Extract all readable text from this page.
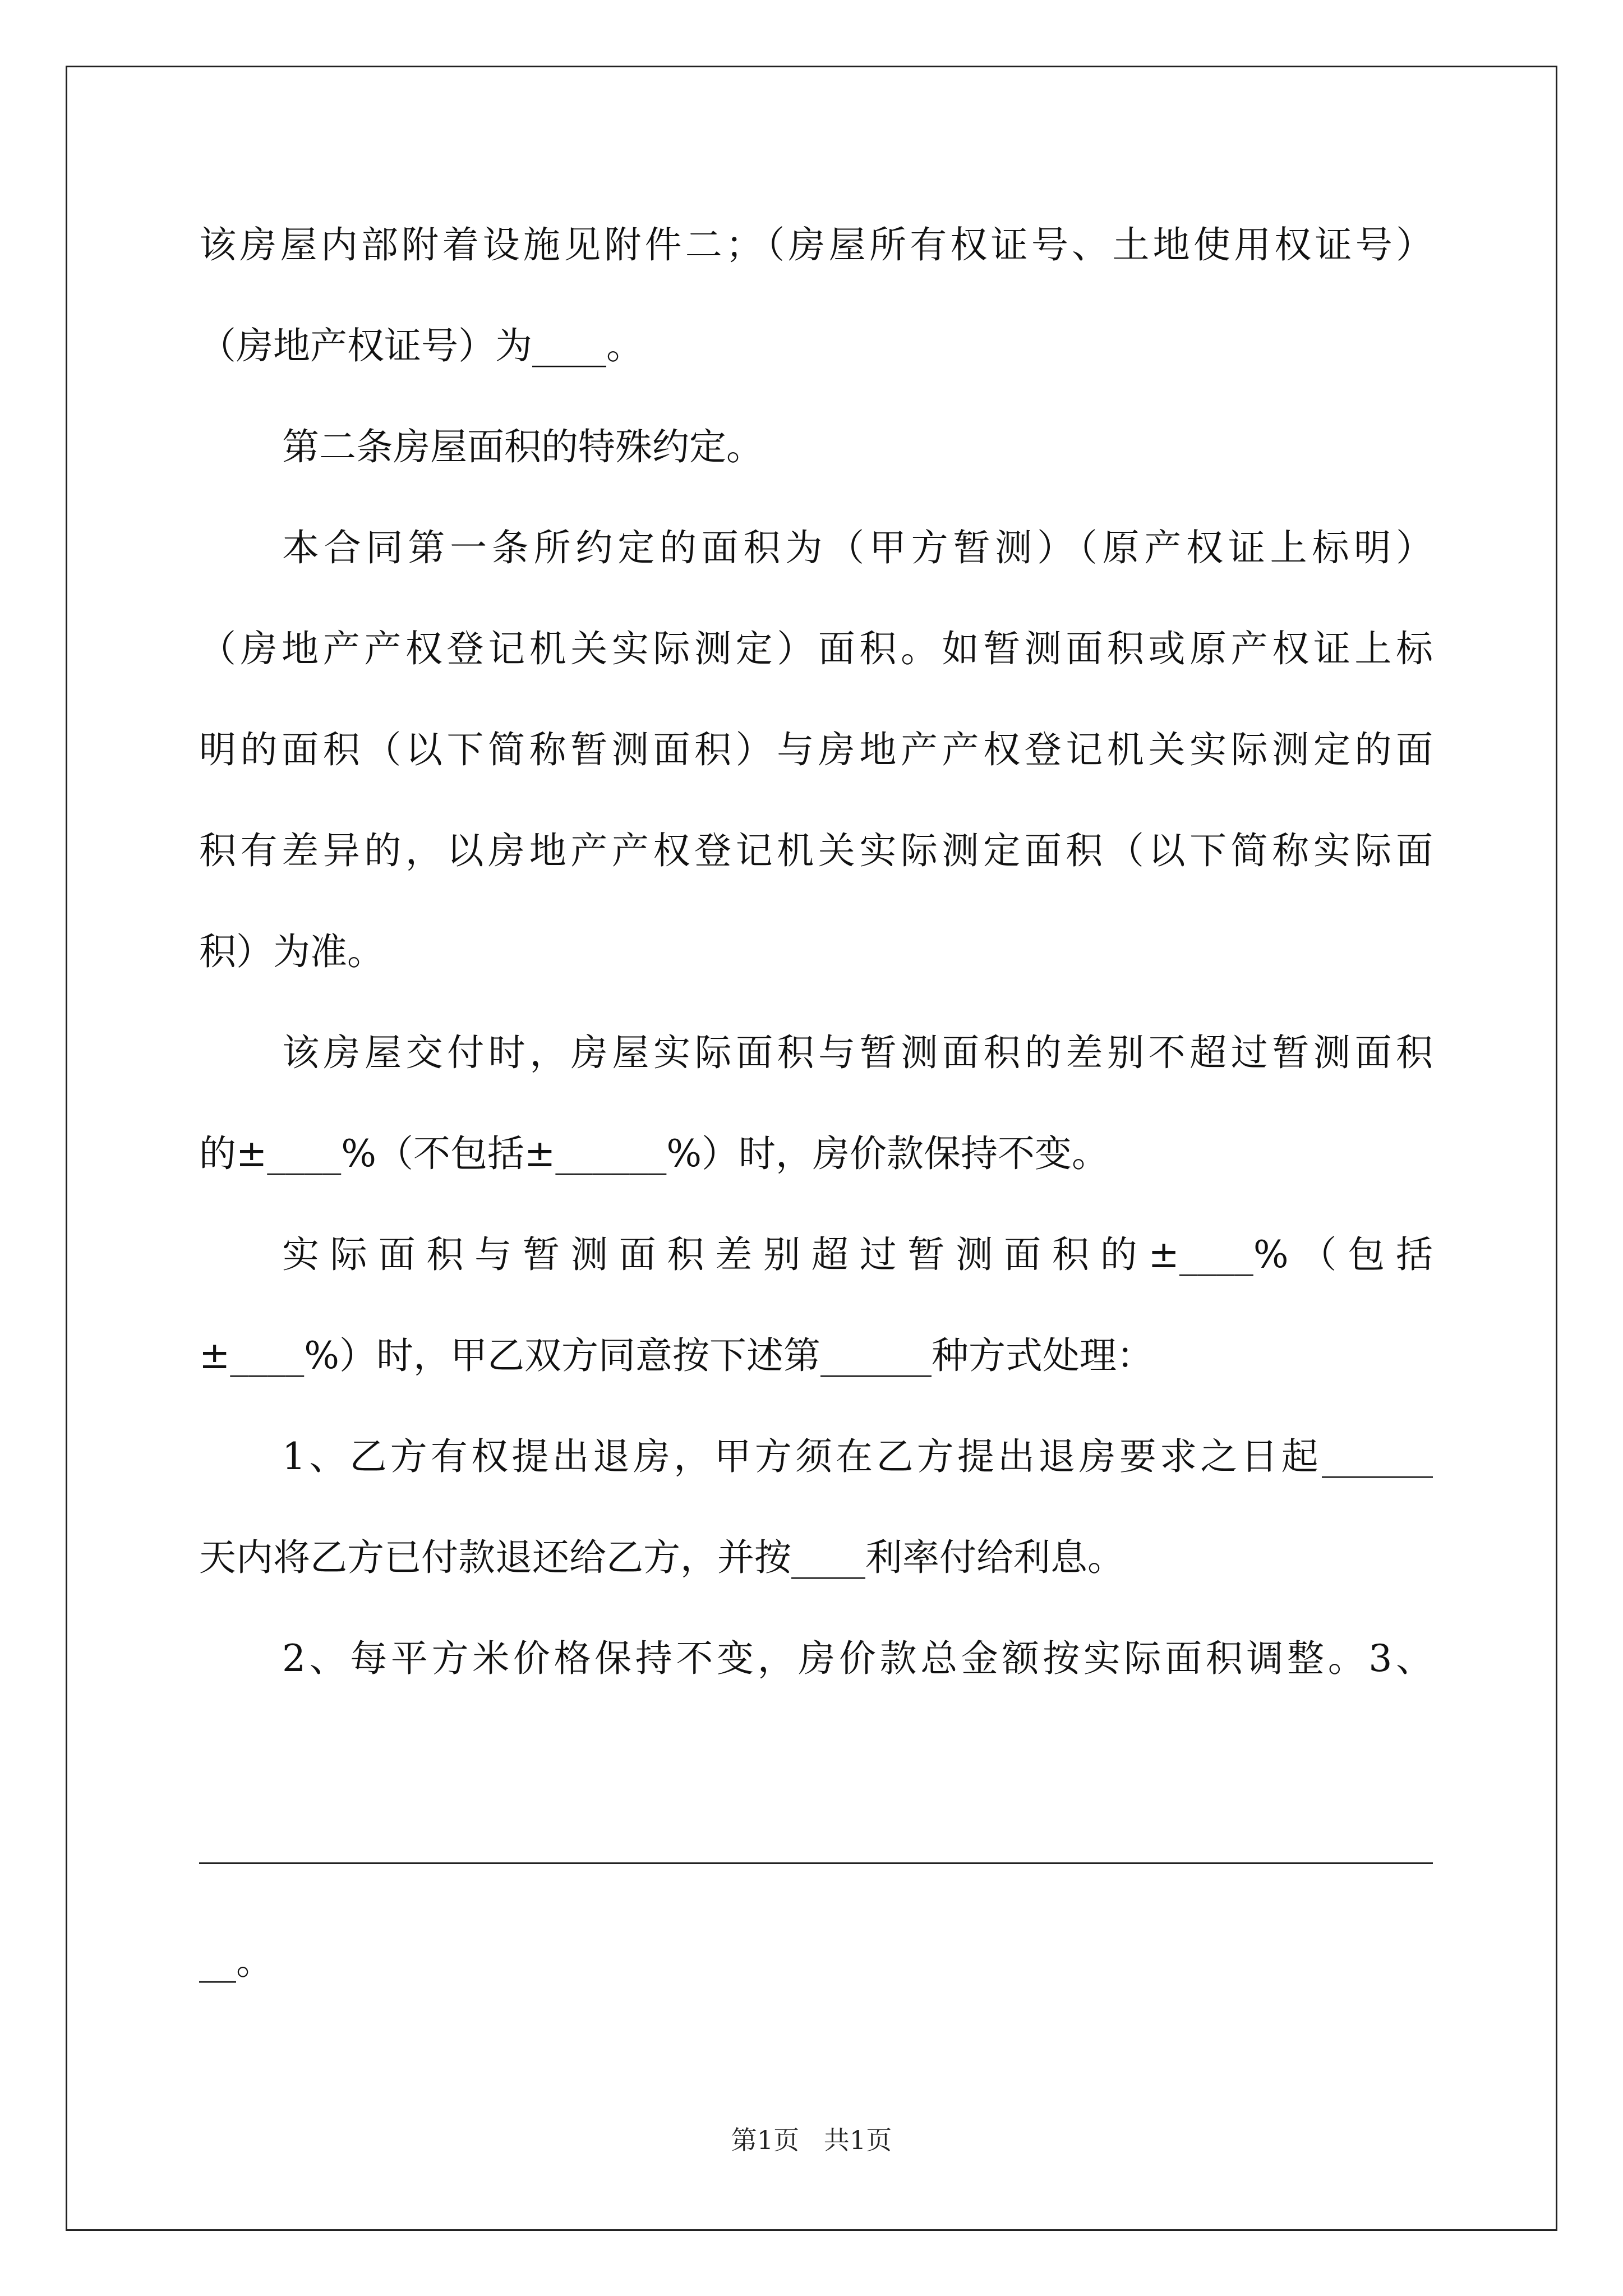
该房屋内部附着设施见附件二；（房屋所有权证号、土地使用权证号）
（房地产权证号）为____。
第二条房屋面积的特殊约定。
本合同第一条所约定的面积为（甲方暂测）（原产权证上标明）
（房地产产权登记机关实际测定）面积。如暂测面积或原产权证上标
明的面积（以下简称暂测面积）与房地产产权登记机关实际测定的面
积有差异的，以房地产产权登记机关实际测定面积（以下简称实际面
积）为准。
该房屋交付时，房屋实际面积与暂测面积的差别不超过暂测面积
的±____%（不包括±______%）时，房价款保持不变。
实际面积与暂测面积差别超过暂测面积的±____%（包括
±____%）时，甲乙双方同意按下述第______种方式处理：
1、乙方有权提出退房，甲方须在乙方提出退房要求之日起______
天内将乙方已付款退还给乙方，并按____利率付给利息。
2、每平方米价格保持不变，房价款总金额按实际面积调整。3、
__。
第1页   共1页
